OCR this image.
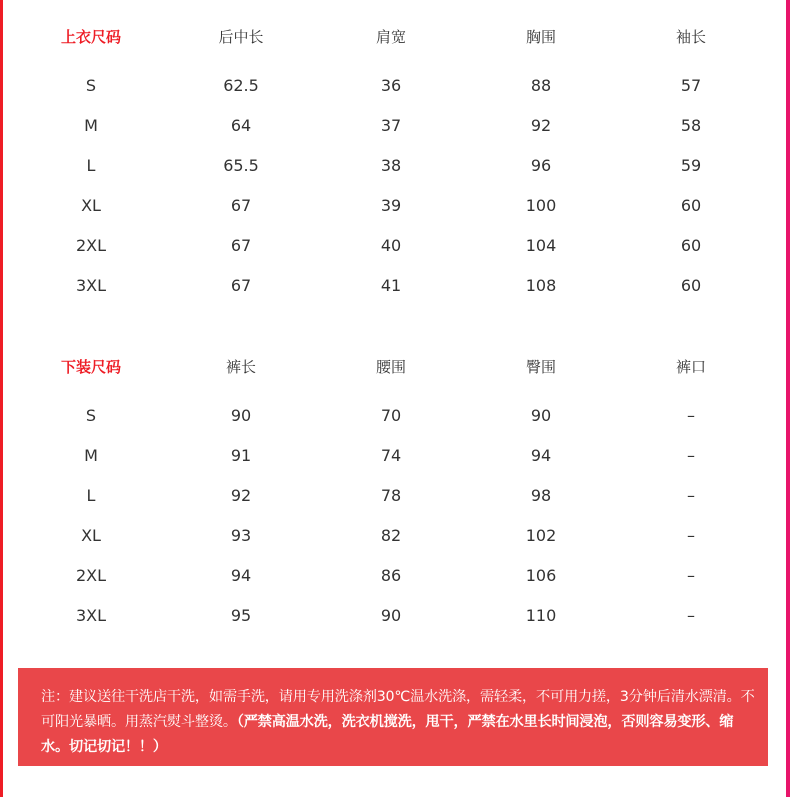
上衣尺码	后中长	肩宽	胸围	袖长
S	62.5	36	88	57
M	64	37	92	58
L	65.5	38	96	59
XL	67	39	100	60
2XL	67	40	104	60
3XL	67	41	108	60
下装尺码	裤长	腰围	臀围	裤口
S	90	70	90	–
M	91	74	94	–
L	92	78	98	–
XL	93	82	102	–
2XL	94	86	106	–
3XL	95	90	110	–
注：建议送往干洗店干洗，如需手洗，请用专用洗涤剂30℃温水洗涤，需轻柔，不可用力搓，3分钟后清水漂清。不可阳光暴晒。用蒸汽熨斗整烫。（严禁高温水洗，洗衣机搅洗，甩干，严禁在水里长时间浸泡，否则容易变形、缩水。切记切记！！）
